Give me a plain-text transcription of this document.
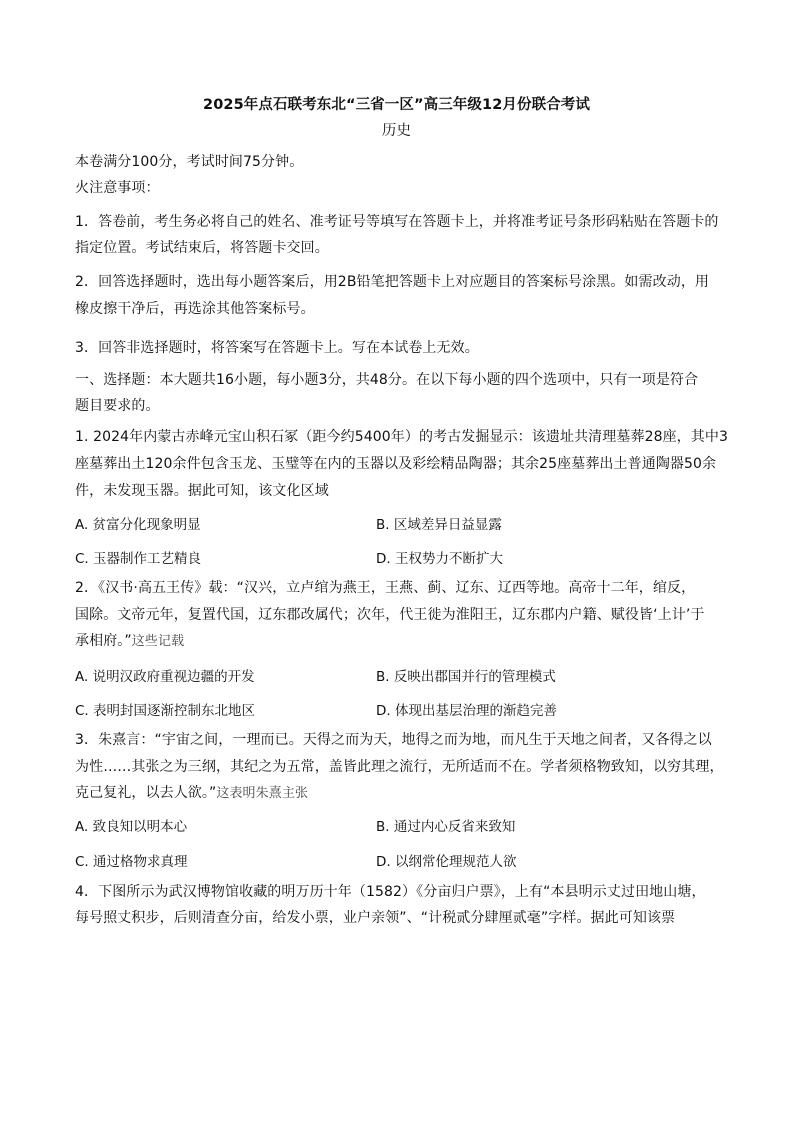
2025年点石联考东北“三省一区”高三年级12月份联合考试
历史
本卷满分100分，考试时间75分钟。
火注意事项：
1．答卷前，考生务必将自己的姓名、准考证号等填写在答题卡上，并将准考证号条形码粘贴在答题卡的
指定位置。考试结束后，将答题卡交回。
2．回答选择题时，选出每小题答案后，用2B铅笔把答题卡上对应题目的答案标号涂黑。如需改动，用
橡皮擦干净后，再选涂其他答案标号。
3．回答非选择题时，将答案写在答题卡上。写在本试卷上无效。
一、选择题：本大题共16小题，每小题3分，共48分。在以下每小题的四个选项中，只有一项是符合
题目要求的。
1. 2024年内蒙古赤峰元宝山积石冢（距今约5400年）的考古发掘显示：该遗址共清理墓葬28座，其中3
座墓葬出土120余件包含玉龙、玉璧等在内的玉器以及彩绘精品陶器；其余25座墓葬出土普通陶器50余
件，未发现玉器。据此可知，该文化区域
A. 贫富分化现象明显	B. 区域差异日益显露
C. 玉器制作工艺精良	D. 王权势力不断扩大
2．《汉书·高五王传》载：“汉兴，立卢绾为燕王，王燕、蓟、辽东、辽西等地。高帝十二年，绾反，
国除。文帝元年，复置代国，辽东郡改属代；次年，代王徙为淮阳王，辽东郡内户籍、赋役皆‘上计’于
承相府。”这些记载
A. 说明汉政府重视边疆的开发	B. 反映出郡国并行的管理模式
C. 表明封国逐渐控制东北地区	D. 体现出基层治理的渐趋完善
3．朱熹言：“宇宙之间，一理而已。天得之而为天，地得之而为地，而凡生于天地之间者，又各得之以
为性……其张之为三纲，其纪之为五常，盖皆此理之流行，无所适而不在。学者须格物致知，以穷其理，
克己复礼，以去人欲。”这表明朱熹主张
A. 致良知以明本心	B. 通过内心反省来致知
C. 通过格物求真理	D. 以纲常伦理规范人欲
4．下图所示为武汉博物馆收藏的明万历十年（1582）《分亩归户票》，上有“本县明示丈过田地山塘，
每号照丈积步，后则清查分亩，给发小票，业户亲领”、“计税贰分肆厘贰毫”字样。据此可知该票
